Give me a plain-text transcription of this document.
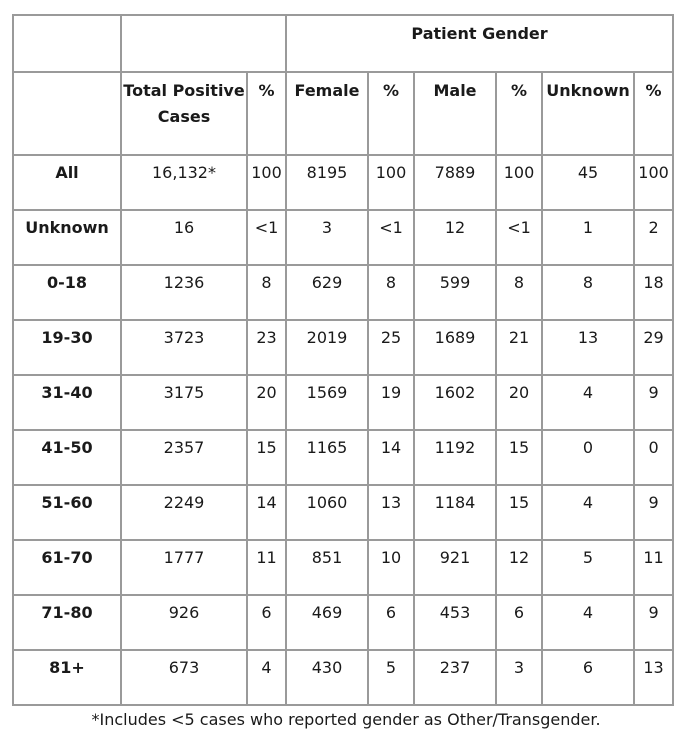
			Patient Gender					
	Total Positive Cases	%	Female	%	Male	%	Unknown	%
All	16,132*	100	8195	100	7889	100	45	100
Unknown	16	<1	3	<1	12	<1	1	2
0-18	1236	8	629	8	599	8	8	18
19-30	3723	23	2019	25	1689	21	13	29
31-40	3175	20	1569	19	1602	20	4	9
41-50	2357	15	1165	14	1192	15	0	0
51-60	2249	14	1060	13	1184	15	4	9
61-70	1777	11	851	10	921	12	5	11
71-80	926	6	469	6	453	6	4	9
81+	673	4	430	5	237	3	6	13
*Includes <5 cases who reported gender as Other/Transgender.
